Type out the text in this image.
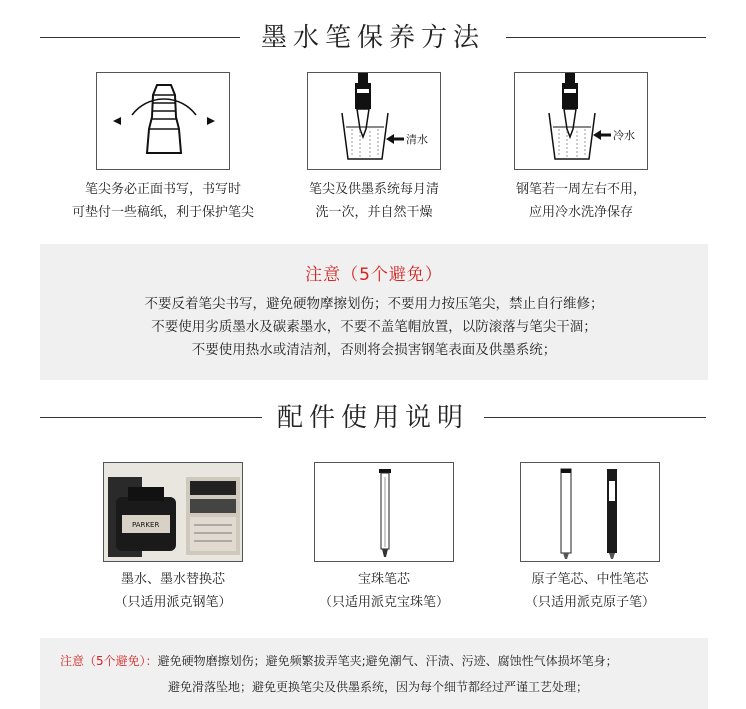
墨水笔保养方法
清水	冷水
笔尖务必正面书写，书写时
可垫付一些稿纸，利于保护笔尖
笔尖及供墨系统每月清
洗一次，并自然干燥
钢笔若一周左右不用，
应用冷水洗净保存
注意（5个避免）
不要反着笔尖书写，避免硬物摩擦划伤；不要用力按压笔尖，禁止自行维修；
不要使用劣质墨水及碳素墨水，不要不盖笔帽放置，以防滚落与笔尖干涸；
不要使用热水或清洁剂，否则将会损害钢笔表面及供墨系统；
配件使用说明
PARKER
墨水、墨水替换芯
（只适用派克钢笔）
宝珠笔芯
（只适用派克宝珠笔）
原子笔芯、中性笔芯
（只适用派克原子笔）
注意（5个避免）：避免硬物磨擦划伤；避免频繁拔弄笔夹;避免潮气、汗渍、污迹、腐蚀性气体损坏笔身；
避免滑落坠地；避免更换笔尖及供墨系统，因为每个细节都经过严谨工艺处理；
